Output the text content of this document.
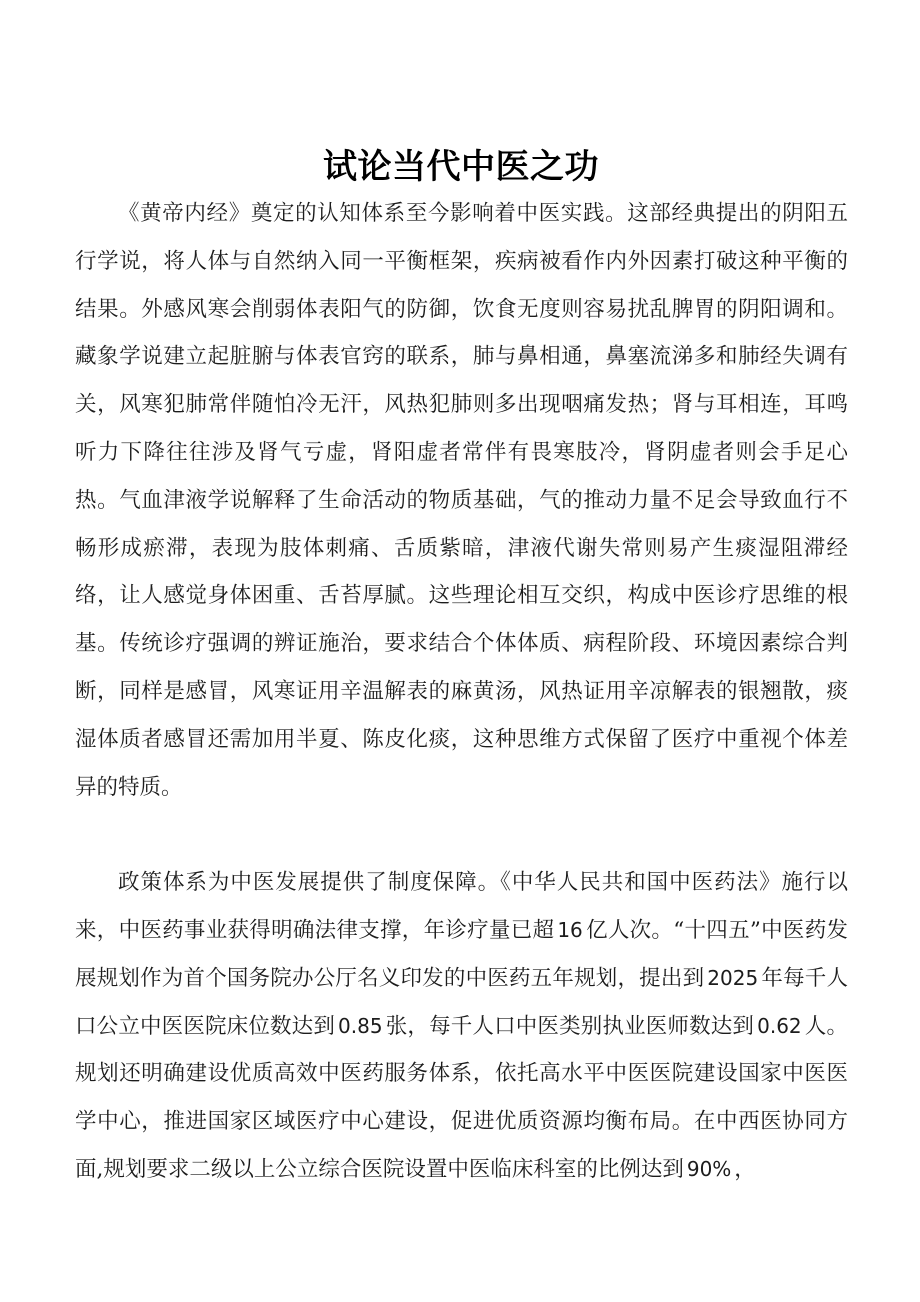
试论当代中医之功

《黄帝内经》奠定的认知体系至今影响着中医实践。这部经典提出的阴阳五行学说，将人体与自然纳入同一平衡框架，疾病被看作内外因素打破这种平衡的结果。外感风寒会削弱体表阳气的防御，饮食无度则容易扰乱脾胃的阴阳调和。藏象学说建立起脏腑与体表官窍的联系，肺与鼻相通，鼻塞流涕多和肺经失调有关，风寒犯肺常伴随怕冷无汗，风热犯肺则多出现咽痛发热；肾与耳相连，耳鸣听力下降往往涉及肾气亏虚，肾阳虚者常伴有畏寒肢冷，肾阴虚者则会手足心热。气血津液学说解释了生命活动的物质基础，气的推动力量不足会导致血行不畅形成瘀滞，表现为肢体刺痛、舌质紫暗，津液代谢失常则易产生痰湿阻滞经络，让人感觉身体困重、舌苔厚腻。这些理论相互交织，构成中医诊疗思维的根基。传统诊疗强调的辨证施治，要求结合个体体质、病程阶段、环境因素综合判断，同样是感冒，风寒证用辛温解表的麻黄汤，风热证用辛凉解表的银翘散，痰湿体质者感冒还需加用半夏、陈皮化痰，这种思维方式保留了医疗中重视个体差异的特质。

政策体系为中医发展提供了制度保障。《中华人民共和国中医药法》施行以来，中医药事业获得明确法律支撑，年诊疗量已超 16 亿人次。“十四五”中医药发展规划作为首个国务院办公厅名义印发的中医药五年规划，提出到 2025 年每千人口公立中医医院床位数达到 0.85 张，每千人口中医类别执业医师数达到 0.62 人。规划还明确建设优质高效中医药服务体系，依托高水平中医医院建设国家中医医学中心，推进国家区域医疗中心建设，促进优质资源均衡布局。在中西医协同方面,规划要求二级以上公立综合医院设置中医临床科室的比例达到 90% ，
